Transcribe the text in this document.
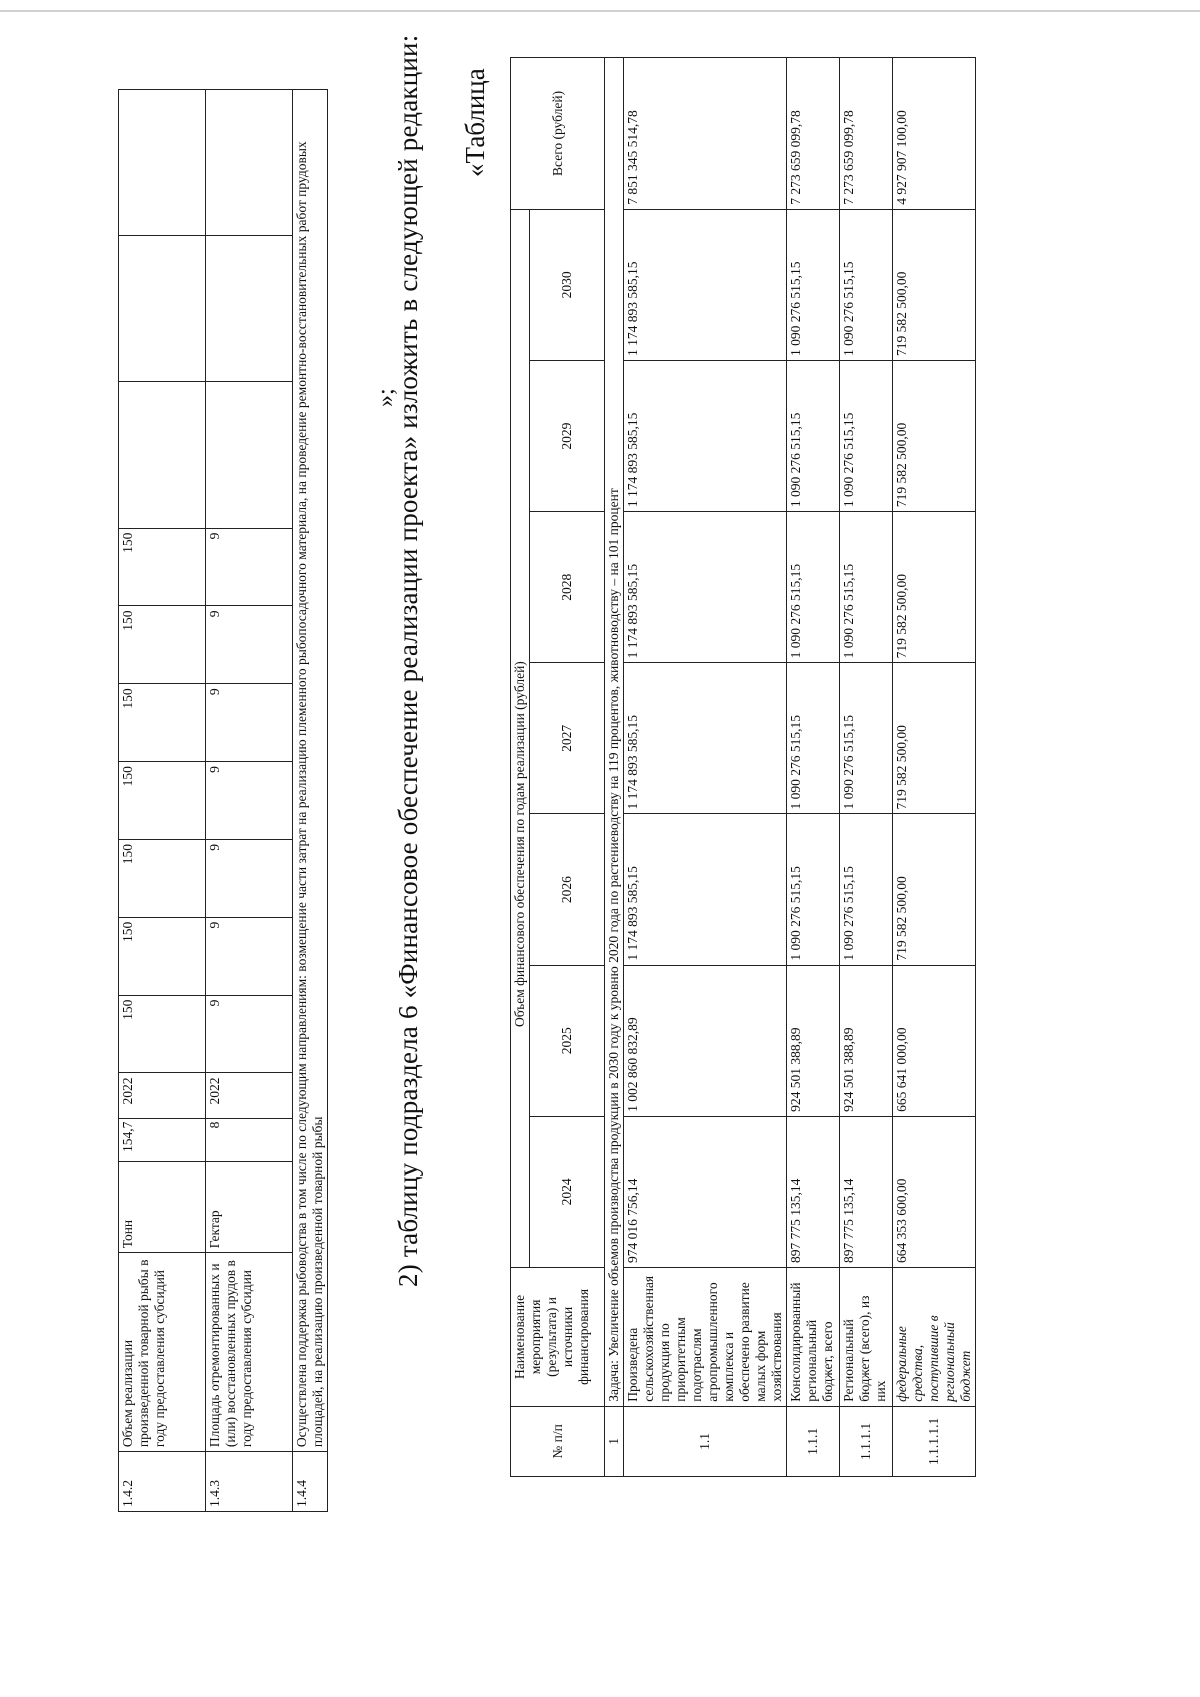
1.4.2	Объем реализации произведенной товарной рыбы в году предоставления субсидий	Тонн	154,7	2022	150	150	150	150	150	150	150			
1.4.3	Площадь отремонтированных и (или) восстановленных прудов в году предоставления субсидии	Гектар	8	2022	9	9	9	9	9	9	9			
1.4.4	Осуществлена поддержка рыбоводства в том числе по следующим направлениям: возмещение части затрат на реализацию племенного рыбопосадочного материала, на проведение ремонтно-восстановительных работ прудовых площадей, на реализацию произведенной товарной рыбы													
»;
2) таблицу подраздела 6 «Финансовое обеспечение реализации проекта» изложить в следующей редакции: «Таблица
№ п/п	Наименование мероприятия (результата) и источники финансирования	Объем финансового обеспечения по годам реализации (рублей)							Всего (рублей)
		2024	2025	2026	2027	2028	2029	2030	
1	Задача: Увеличение объемов производства продукции в 2030 году к уровню 2020 года по растениеводству на 119 процентов, животноводству – на 101 процент								
1.1	Произведена сельскохозяйственная продукция по приоритетным подотраслям агропромышленного комплекса и обеспечено развитие малых форм хозяйствования	974 016 756,14	1 002 860 832,89	1 174 893 585,15	1 174 893 585,15	1 174 893 585,15	1 174 893 585,15	1 174 893 585,15	7 851 345 514,78
1.1.1	Консолидированный региональный бюджет, всего	897 775 135,14	924 501 388,89	1 090 276 515,15	1 090 276 515,15	1 090 276 515,15	1 090 276 515,15	1 090 276 515,15	7 273 659 099,78
1.1.1.1	Региональный бюджет (всего), из них	897 775 135,14	924 501 388,89	1 090 276 515,15	1 090 276 515,15	1 090 276 515,15	1 090 276 515,15	1 090 276 515,15	7 273 659 099,78
1.1.1.1.1	федеральные средства, поступившие в региональный бюджет	664 353 600,00	665 641 000,00	719 582 500,00	719 582 500,00	719 582 500,00	719 582 500,00	719 582 500,00	4 927 907 100,00
